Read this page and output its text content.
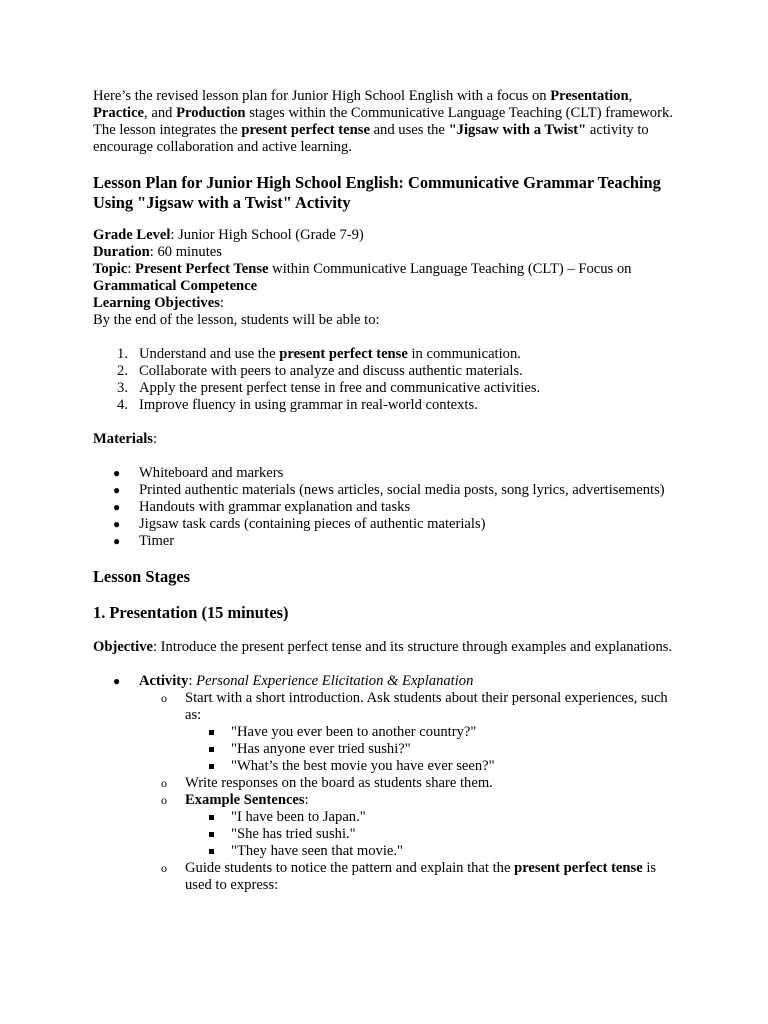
Here’s the revised lesson plan for Junior High School English with a focus on Presentation,
Practice, and Production stages within the Communicative Language Teaching (CLT) framework. The lesson integrates the present perfect tense and uses the "Jigsaw with a Twist" activity to encourage collaboration and active learning.

Lesson Plan for Junior High School English: Communicative Grammar Teaching Using "Jigsaw with a Twist" Activity

Grade Level: Junior High School (Grade 7-9)

Duration: 60 minutes

Topic: Present Perfect Tense within Communicative Language Teaching (CLT) – Focus on
Grammatical Competence

Learning Objectives:

By the end of the lesson, students will be able to:

1. Understand and use the present perfect tense in communication.
2. Collaborate with peers to analyze and discuss authentic materials.
3. Apply the present perfect tense in free and communicative activities.
4. Improve fluency in using grammar in real-world contexts.

Materials:

● Whiteboard and markers
● Printed authentic materials (news articles, social media posts, song lyrics, advertisements)
● Handouts with grammar explanation and tasks
● Jigsaw task cards (containing pieces of authentic materials)
● Timer
Lesson Stages
1. Presentation (15 minutes)

Objective: Introduce the present perfect tense and its structure through examples and explanations.

● Activity: Personal Experience Elicitation & Explanation
o Start with a short introduction. Ask students about their personal experiences, such as:
"Have you ever been to another country?"
"Has anyone ever tried sushi?"
"What’s the best movie you have ever seen?"
o Write responses on the board as students share them.
o Example Sentences:
"I have been to Japan."
"She has tried sushi."
"They have seen that movie."
o Guide students to notice the pattern and explain that the present perfect tense is used to express:
